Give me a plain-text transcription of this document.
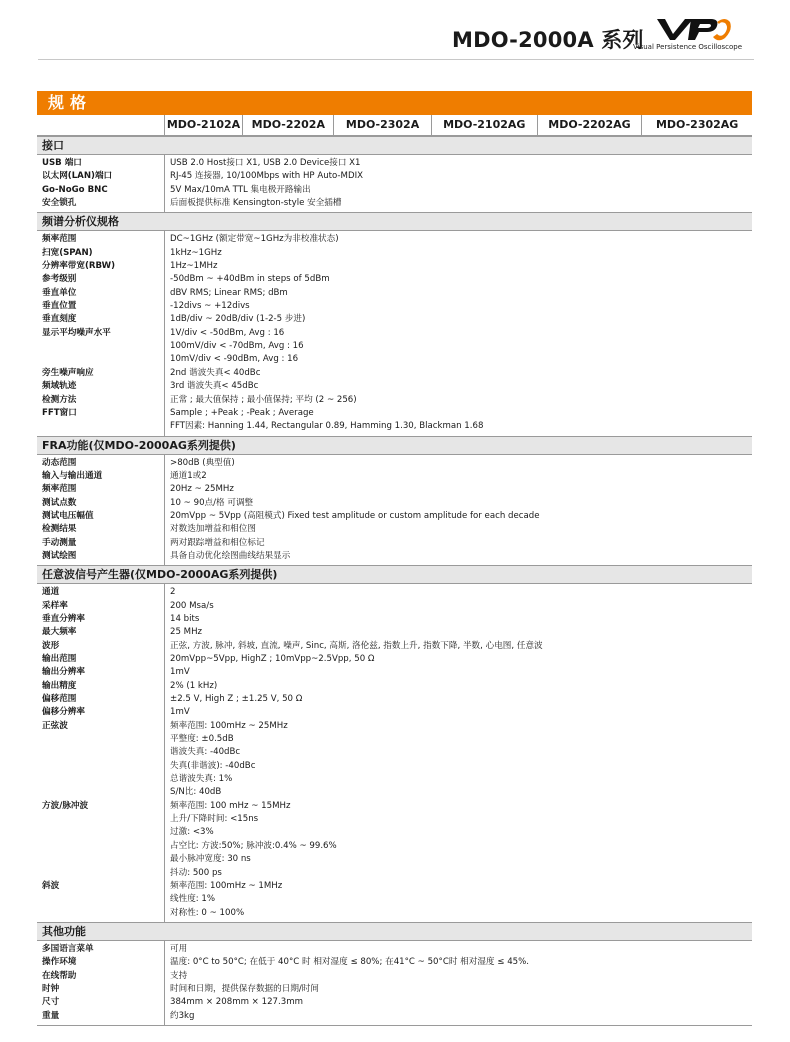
MDO-2000A 系列
Visual Persistence Oscilloscope
规格
MDO-2102A	MDO-2202A	MDO-2302A	MDO-2102AG	MDO-2202AG	MDO-2302AG
接口
USB 端口	USB 2.0 Host接口 X1, USB 2.0 Device接口 X1
以太网(LAN)端口	RJ-45 连接器, 10/100Mbps with HP Auto-MDIX
Go-NoGo BNC	5V Max/10mA TTL 集电极开路输出
安全锁孔	后面板提供标准 Kensington-style 安全插槽
频谱分析仪规格
频率范围	DC~1GHz (额定带宽~1GHz为非校准状态)
扫宽(SPAN)	1kHz~1GHz
分辨率带宽(RBW)	1Hz~1MHz
参考级别	-50dBm ~ +40dBm in steps of 5dBm
垂直单位	dBV RMS; Linear RMS; dBm
垂直位置	-12divs ~ +12divs
垂直刻度	1dB/div ~ 20dB/div (1-2-5 步进)
显示平均噪声水平	1V/div < -50dBm, Avg : 16
100mV/div < -70dBm, Avg : 16
10mV/div < -90dBm, Avg : 16
旁生噪声响应	2nd 谐波失真< 40dBc
频域轨迹	3rd 谐波失真< 45dBc
检测方法	正常 ; 最大值保持 ; 最小值保持; 平均 (2 ~ 256)
FFT窗口	Sample ; +Peak ; -Peak ; Average
FFT因素: Hanning 1.44, Rectangular 0.89, Hamming 1.30, Blackman 1.68
FRA功能(仅MDO-2000AG系列提供)
动态范围	>80dB (典型值)
输入与输出通道	通道1或2
频率范围	20Hz ~ 25MHz
测试点数	10 ~ 90点/格 可调整
测试电压幅值	20mVpp ~ 5Vpp (高阻模式) Fixed test amplitude or custom amplitude for each decade
检测结果	对数迭加增益和相位图
手动测量	两对跟踪增益和相位标记
测试绘图	具备自动优化绘图曲线结果显示
任意波信号产生器(仅MDO-2000AG系列提供)
通道	2
采样率	200 Msa/s
垂直分辨率	14 bits
最大频率	25 MHz
波形	正弦, 方波, 脉冲, 斜坡, 直流, 噪声, Sinc, 高斯, 洛伦兹, 指数上升, 指数下降, 半数, 心电图, 任意波
输出范围	20mVpp~5Vpp, HighZ ; 10mVpp~2.5Vpp, 50 Ω
输出分辨率	1mV
输出精度	2% (1 kHz)
偏移范围	±2.5 V, High Z ; ±1.25 V, 50 Ω
偏移分辨率	1mV
正弦波	频率范围: 100mHz ~ 25MHz
平整度: ±0.5dB
谐波失真: -40dBc
失真(非谐波): -40dBc
总谐波失真: 1%
S/N比: 40dB
方波/脉冲波	频率范围: 100 mHz ~ 15MHz
上升/下降时间: <15ns
过激: <3%
占空比: 方波:50%; 脉冲波:0.4% ~ 99.6%
最小脉冲宽度: 30 ns
抖动: 500 ps
斜波	频率范围: 100mHz ~ 1MHz
线性度: 1%
对称性: 0 ~ 100%
其他功能
多国语言菜单	可用
操作环境	温度: 0°C to 50°C; 在低于 40°C 时 相对湿度 ≤ 80%; 在41°C ~ 50°C时 相对湿度 ≤ 45%.
在线帮助	支持
时钟	时间和日期，提供保存数据的日期/时间
尺寸	384mm × 208mm × 127.3mm
重量	约3kg
